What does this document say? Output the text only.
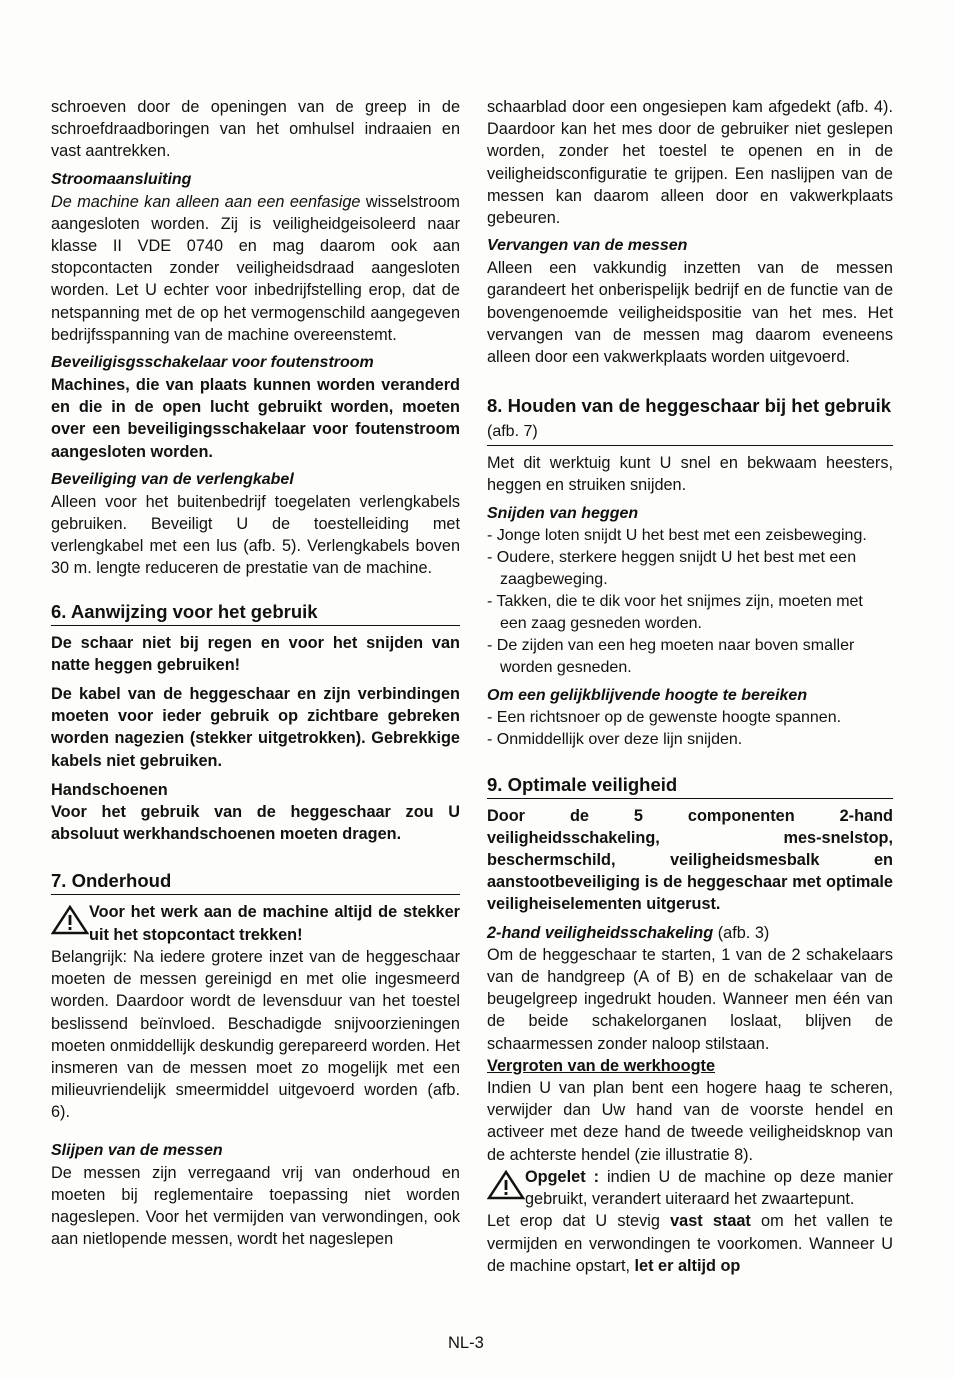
schroeven door de openingen van de greep in de schroefdraadboringen van het omhulsel indraaien en vast aantrekken.

Stroomaansluiting

De machine kan alleen aan een eenfasige wisselstroom aangesloten worden. Zij is veiligheidgeisoleerd naar klasse II VDE 0740 en mag daarom ook aan stopcontacten zonder veiligheidsdraad aangesloten worden. Let U echter voor inbedrijfstelling erop, dat de netspanning met de op het vermogenschild aangegeven bedrijfsspanning van de machine overeenstemt.

Beveiligisgsschakelaar voor foutenstroom

Machines, die van plaats kunnen worden veranderd en die in de open lucht gebruikt worden, moeten over een beveiligingsschakelaar voor foutenstroom aangesloten worden.

Beveiliging van de verlengkabel

Alleen voor het buitenbedrijf toegelaten verlengkabels gebruiken. Beveiligt U de toestelleiding met verlengkabel met een lus (afb. 5). Verlengkabels boven 30 m. lengte reduceren de prestatie van de machine.

6. Aanwijzing voor het gebruik

De schaar niet bij regen en voor het snijden van natte heggen gebruiken!

De kabel van de heggeschaar en zijn verbindingen moeten voor ieder gebruik op zichtbare gebreken worden nagezien (stekker uitgetrokken). Gebrekkige kabels niet gebruiken.

Handschoenen

Voor het gebruik van de heggeschaar zou U absoluut werkhandschoenen moeten dragen.

7. Onderhoud

Voor het werk aan de machine altijd de stekker uit het stopcontact trekken!

Belangrijk: Na iedere grotere inzet van de heggeschaar moeten de messen gereinigd en met olie ingesmeerd worden. Daardoor wordt de levensduur van het toestel beslissend beïnvloed. Beschadigde snijvoorzieningen moeten onmiddellijk deskundig gerepareerd worden. Het insmeren van de messen moet zo mogelijk met een milieuvriendelijk smeermiddel uitgevoerd worden (afb. 6).

Slijpen van de messen

De messen zijn verregaand vrij van onderhoud en moeten bij reglementaire toepassing niet worden nageslepen. Voor het vermijden van verwondingen, ook aan nietlopende messen, wordt het nageslepen

schaarblad door een ongesiepen kam afgedekt (afb. 4). Daardoor kan het mes door de gebruiker niet geslepen worden, zonder het toestel te openen en in de veiligheidsconfiguratie te grijpen. Een naslijpen van de messen kan daarom alleen door en vakwerkplaats gebeuren.

Vervangen van de messen

Alleen een vakkundig inzetten van de messen garandeert het onberispelijk bedrijf en de functie van de bovengenoemde veiligheidspositie van het mes. Het vervangen van de messen mag daarom eveneens alleen door een vakwerkplaats worden uitgevoerd.

8. Houden van de heggeschaar bij het gebruik (afb. 7)

Met dit werktuig kunt U snel en bekwaam heesters, heggen en struiken snijden.

Snijden van heggen

- Jonge loten snijdt U het best met een zeisbeweging.
- Oudere, sterkere heggen snijdt U het best met een zaagbeweging.
- Takken, die te dik voor het snijmes zijn, moeten met een zaag gesneden worden.
- De zijden van een heg moeten naar boven smaller worden gesneden.

Om een gelijkblijvende hoogte te bereiken

- Een richtsnoer op de gewenste hoogte spannen.
- Onmiddellijk over deze lijn snijden.
9. Optimale veiligheid

Door de 5 componenten 2-hand veiligheidsschakeling, mes-snelstop, beschermschild, veiligheidsmesbalk en aanstootbeveiliging is de heggeschaar met optimale veiligheiselementen uitgerust.

2-hand veiligheidsschakeling (afb. 3)

Om de heggeschaar te starten, 1 van de 2 schakelaars van de handgreep (A of B) en de schakelaar van de beugelgreep ingedrukt houden. Wanneer men één van de beide schakelorganen loslaat, blijven de schaarmessen zonder naloop stilstaan.

Vergroten van de werkhoogte

Indien U van plan bent een hogere haag te scheren, verwijder dan Uw hand van de voorste hendel en activeer met deze hand de tweede veiligheidsknop van de achterste hendel (zie illustratie 8).

Opgelet : indien U de machine op deze manier gebruikt, verandert uiteraard het zwaartepunt.

Let erop dat U stevig vast staat om het vallen te vermijden en verwondingen te voorkomen. Wanneer U de machine opstart, let er altijd op

NL-3
